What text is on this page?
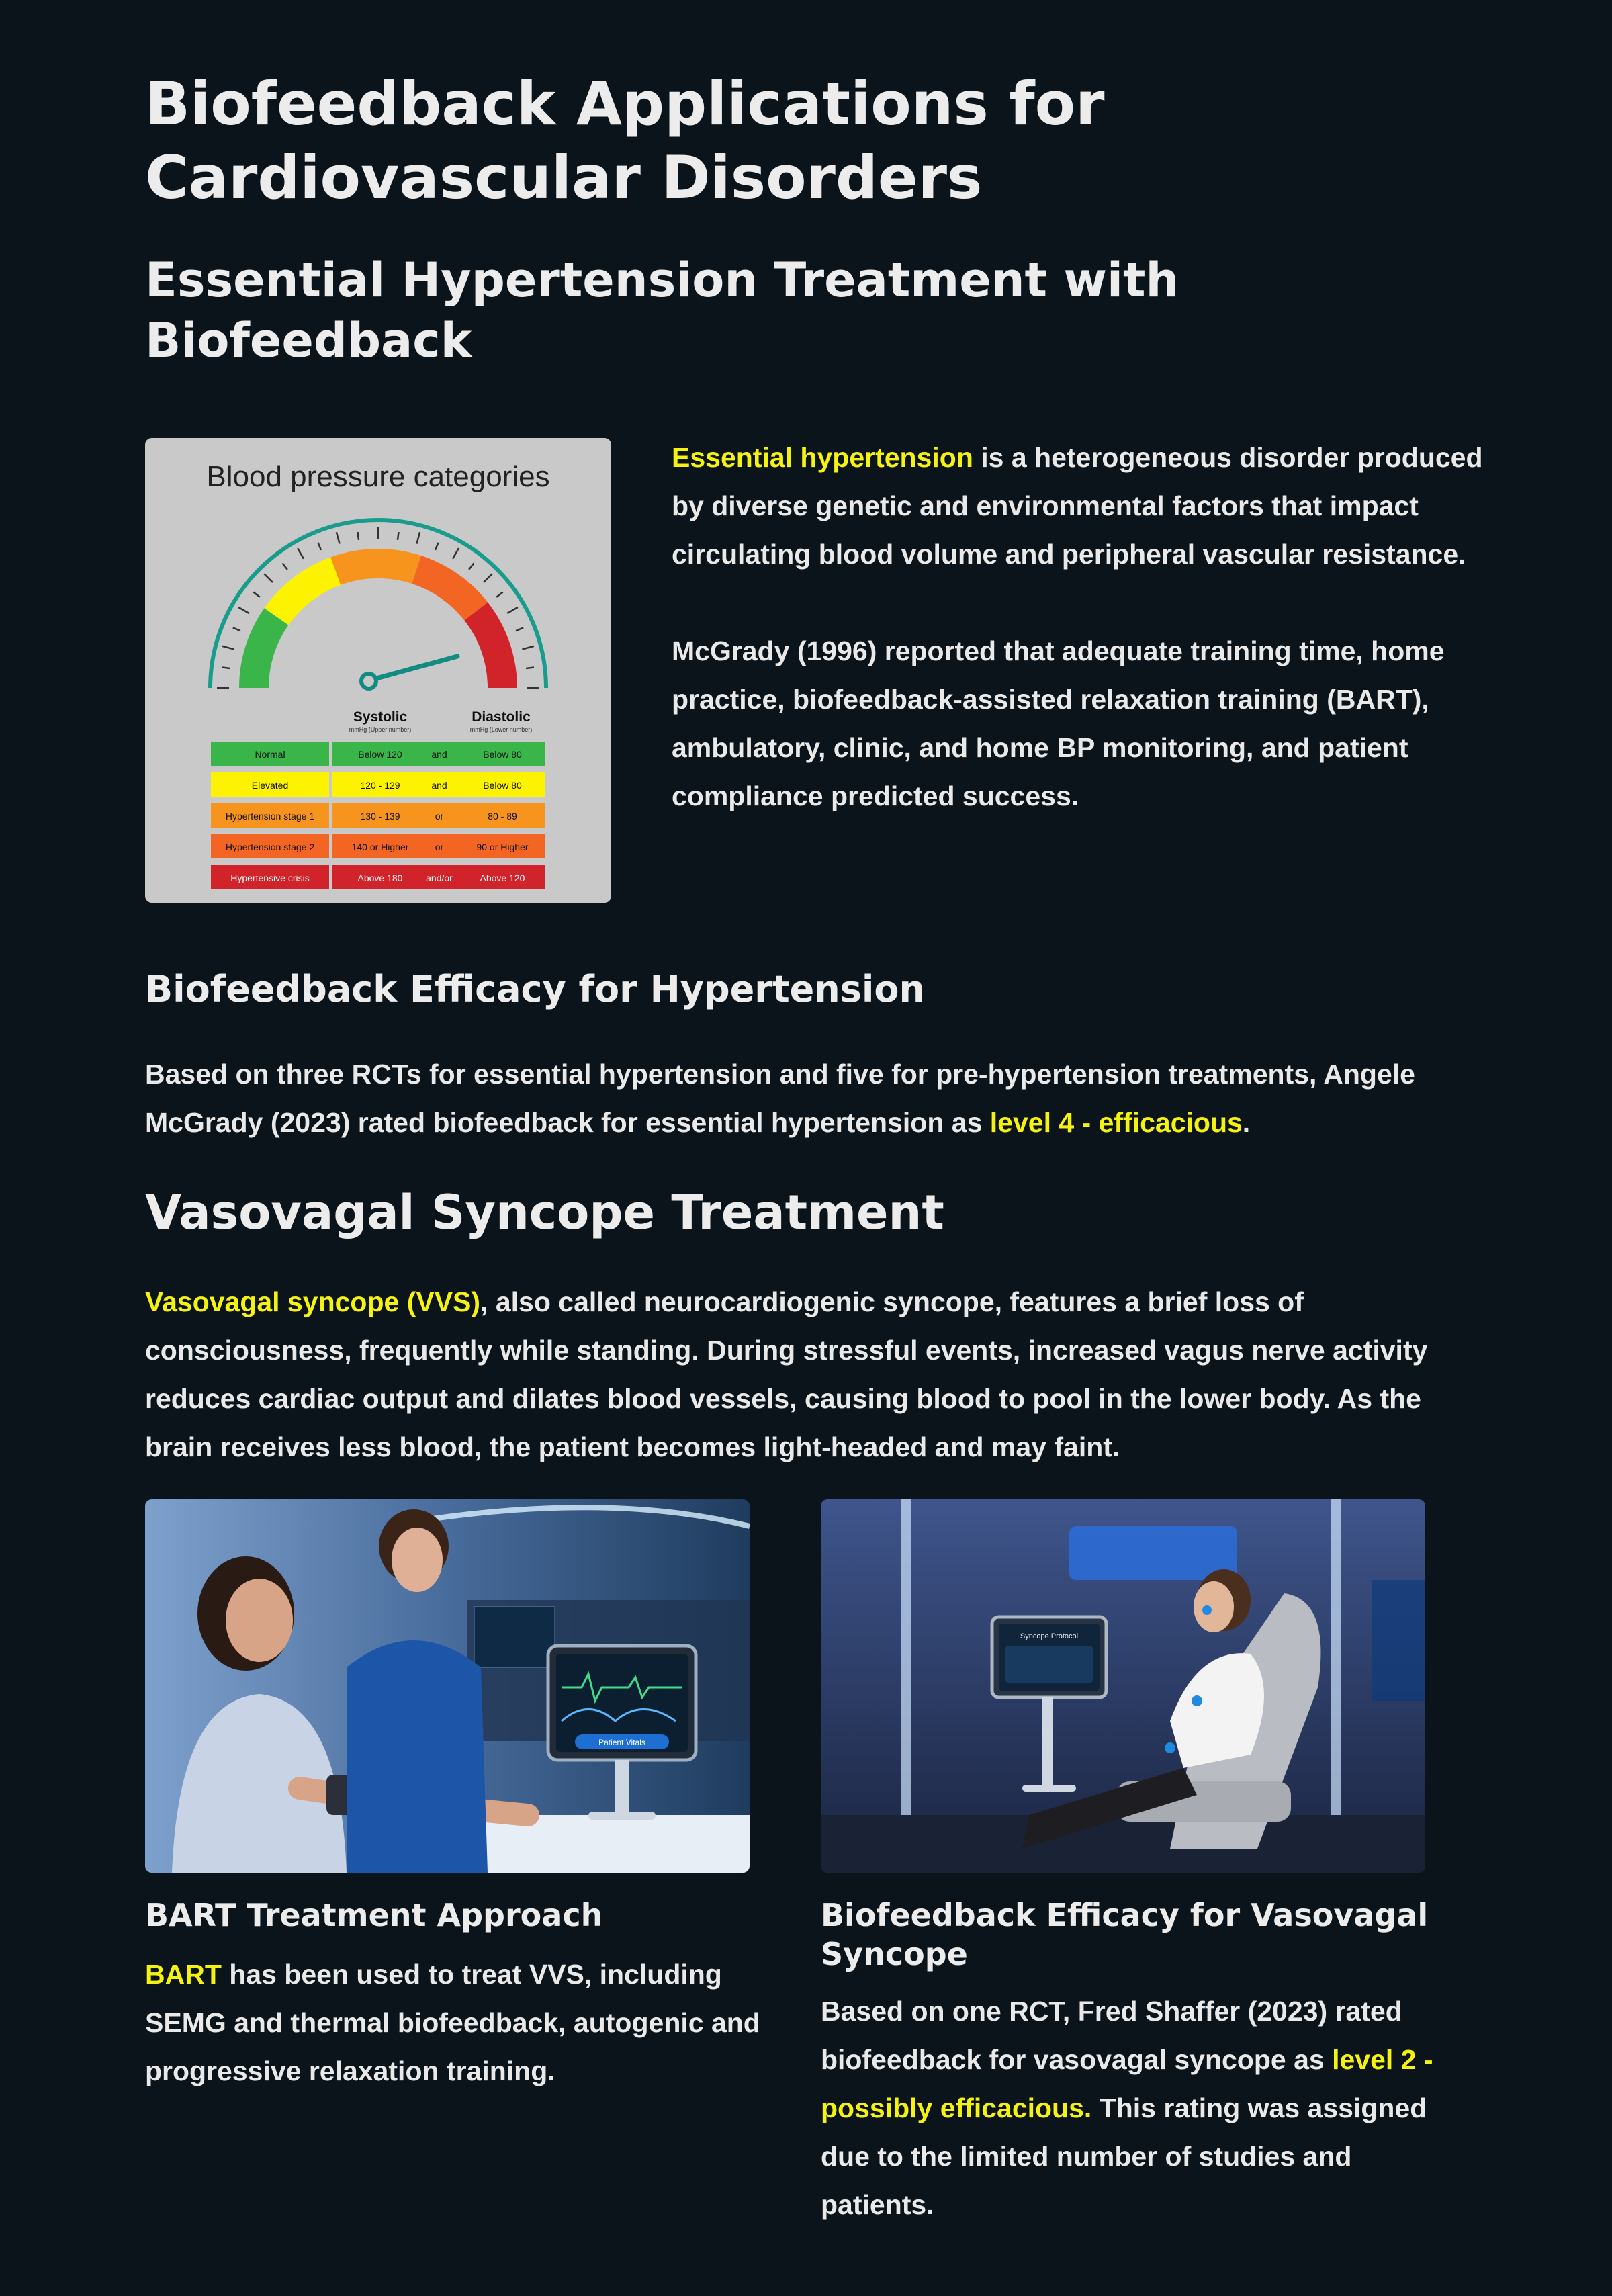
Biofeedback Applications for Cardiovascular Disorders
Essential Hypertension Treatment with Biofeedback
Blood pressure categories
Systolic
mmHg (Upper number)
Diastolic
mmHg (Lower number)
Normal	Below 120	and	Below 80
Elevated	120 - 129	and	Below 80
Hypertension stage 1	130 - 139	or	80 - 89
Hypertension stage 2	140 or Higher	or	90 or Higher
Hypertensive crisis	Above 180 and/or	Above 120

Essential hypertension is a heterogeneous disorder produced by diverse genetic and environmental factors that impact circulating blood volume and peripheral vascular resistance.

McGrady (1996) reported that adequate training time, home practice, biofeedback-assisted relaxation training (BART), ambulatory, clinic, and home BP monitoring, and patient compliance predicted success.

Biofeedback Efficacy for Hypertension

Based on three RCTs for essential hypertension and five for pre-hypertension treatments, Angele McGrady (2023) rated biofeedback for essential hypertension as level 4 - efficacious.

Vasovagal Syncope Treatment

Vasovagal syncope (VVS), also called neurocardiogenic syncope, features a brief loss of consciousness, frequently while standing. During stressful events, increased vagus nerve activity reduces cardiac output and dilates blood vessels, causing blood to pool in the lower body. As the brain receives less blood, the patient becomes light-headed and may faint.

Patient Vitals
Syncope Protocol
BART Treatment Approach

BART has been used to treat VVS, including SEMG and thermal biofeedback, autogenic and progressive relaxation training.

Biofeedback Efficacy for Vasovagal Syncope

Based on one RCT, Fred Shaffer (2023) rated biofeedback for vasovagal syncope as level 2 - possibly efficacious. This rating was assigned due to the limited number of studies and patients.
